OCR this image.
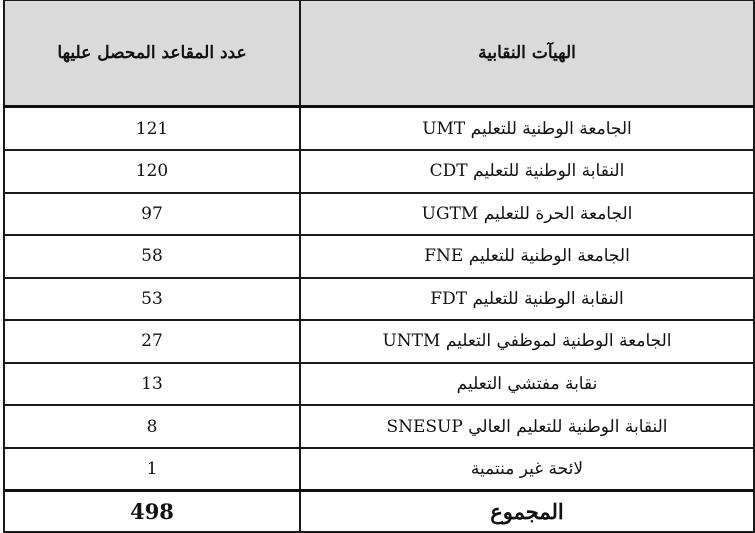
عدد المقاعد المحصل عليها	الهيآت النقابية
121	الجامعة الوطنية للتعليم UMT
120	النقابة الوطنية للتعليم CDT
97	الجامعة الحرة للتعليم UGTM
58	الجامعة الوطنية للتعليم FNE
53	النقابة الوطنية للتعليم FDT
27	الجامعة الوطنية لموظفي التعليم UNTM
13	نقابة مفتشي التعليم
8	النقابة الوطنية للتعليم العالي SNESUP
1	لائحة غير منتمية
498	المجموع
